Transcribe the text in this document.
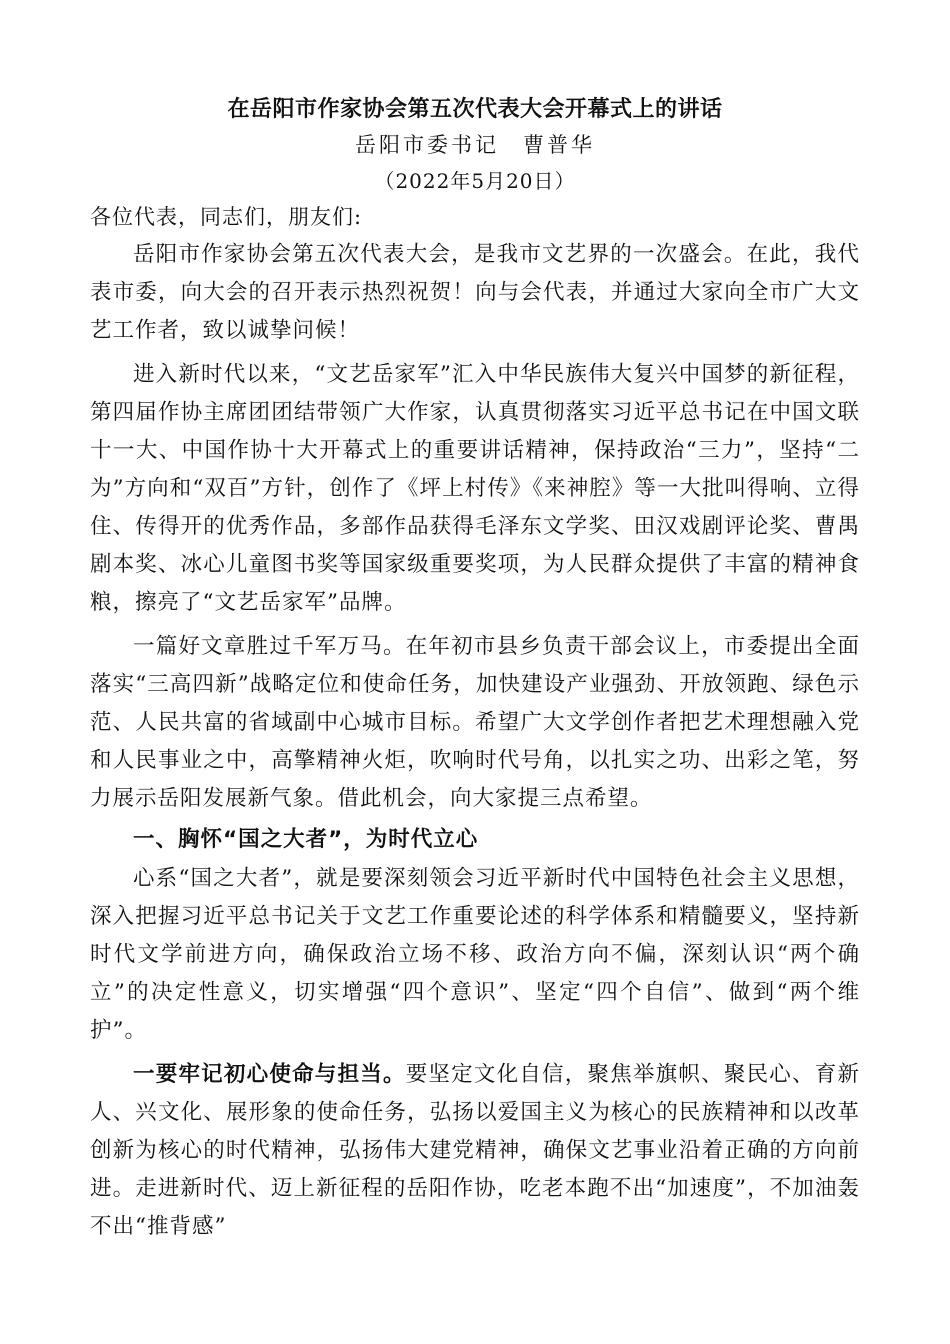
在岳阳市作家协会第五次代表大会开幕式上的讲话
岳阳市委书记　曹普华
（2022年5月20日）

各位代表，同志们，朋友们:

岳阳市作家协会第五次代表大会，是我市文艺界的一次盛会。在此，我代表市委，向大会的召开表示热烈祝贺！向与会代表，并通过大家向全市广大文艺工作者，致以诚挚问候！

进入新时代以来，“文艺岳家军”汇入中华民族伟大复兴中国梦的新征程，第四届作协主席团团结带领广大作家，认真贯彻落实习近平总书记在中国文联十一大、中国作协十大开幕式上的重要讲话精神，保持政治“三力”，坚持“二为”方向和“双百”方针，创作了《坪上村传》《来神腔》等一大批叫得响、立得住、传得开的优秀作品，多部作品获得毛泽东文学奖、田汉戏剧评论奖、曹禺剧本奖、冰心儿童图书奖等国家级重要奖项，为人民群众提供了丰富的精神食粮，擦亮了“文艺岳家军”品牌。

一篇好文章胜过千军万马。在年初市县乡负责干部会议上，市委提出全面落实“三高四新”战略定位和使命任务，加快建设产业强劲、开放领跑、绿色示范、人民共富的省域副中心城市目标。希望广大文学创作者把艺术理想融入党和人民事业之中，高擎精神火炬，吹响时代号角，以扎实之功、出彩之笔，努力展示岳阳发展新气象。借此机会，向大家提三点希望。

一、胸怀“国之大者”，为时代立心

心系“国之大者”，就是要深刻领会习近平新时代中国特色社会主义思想，深入把握习近平总书记关于文艺工作重要论述的科学体系和精髓要义，坚持新时代文学前进方向，确保政治立场不移、政治方向不偏，深刻认识“两个确立”的决定性意义，切实增强“四个意识”、坚定“四个自信”、做到“两个维护”。

一要牢记初心使命与担当。要坚定文化自信，聚焦举旗帜、聚民心、育新人、兴文化、展形象的使命任务，弘扬以爱国主义为核心的民族精神和以改革创新为核心的时代精神，弘扬伟大建党精神，确保文艺事业沿着正确的方向前进。走进新时代、迈上新征程的岳阳作协，吃老本跑不出“加速度”，不加油轰不出“推背感”
